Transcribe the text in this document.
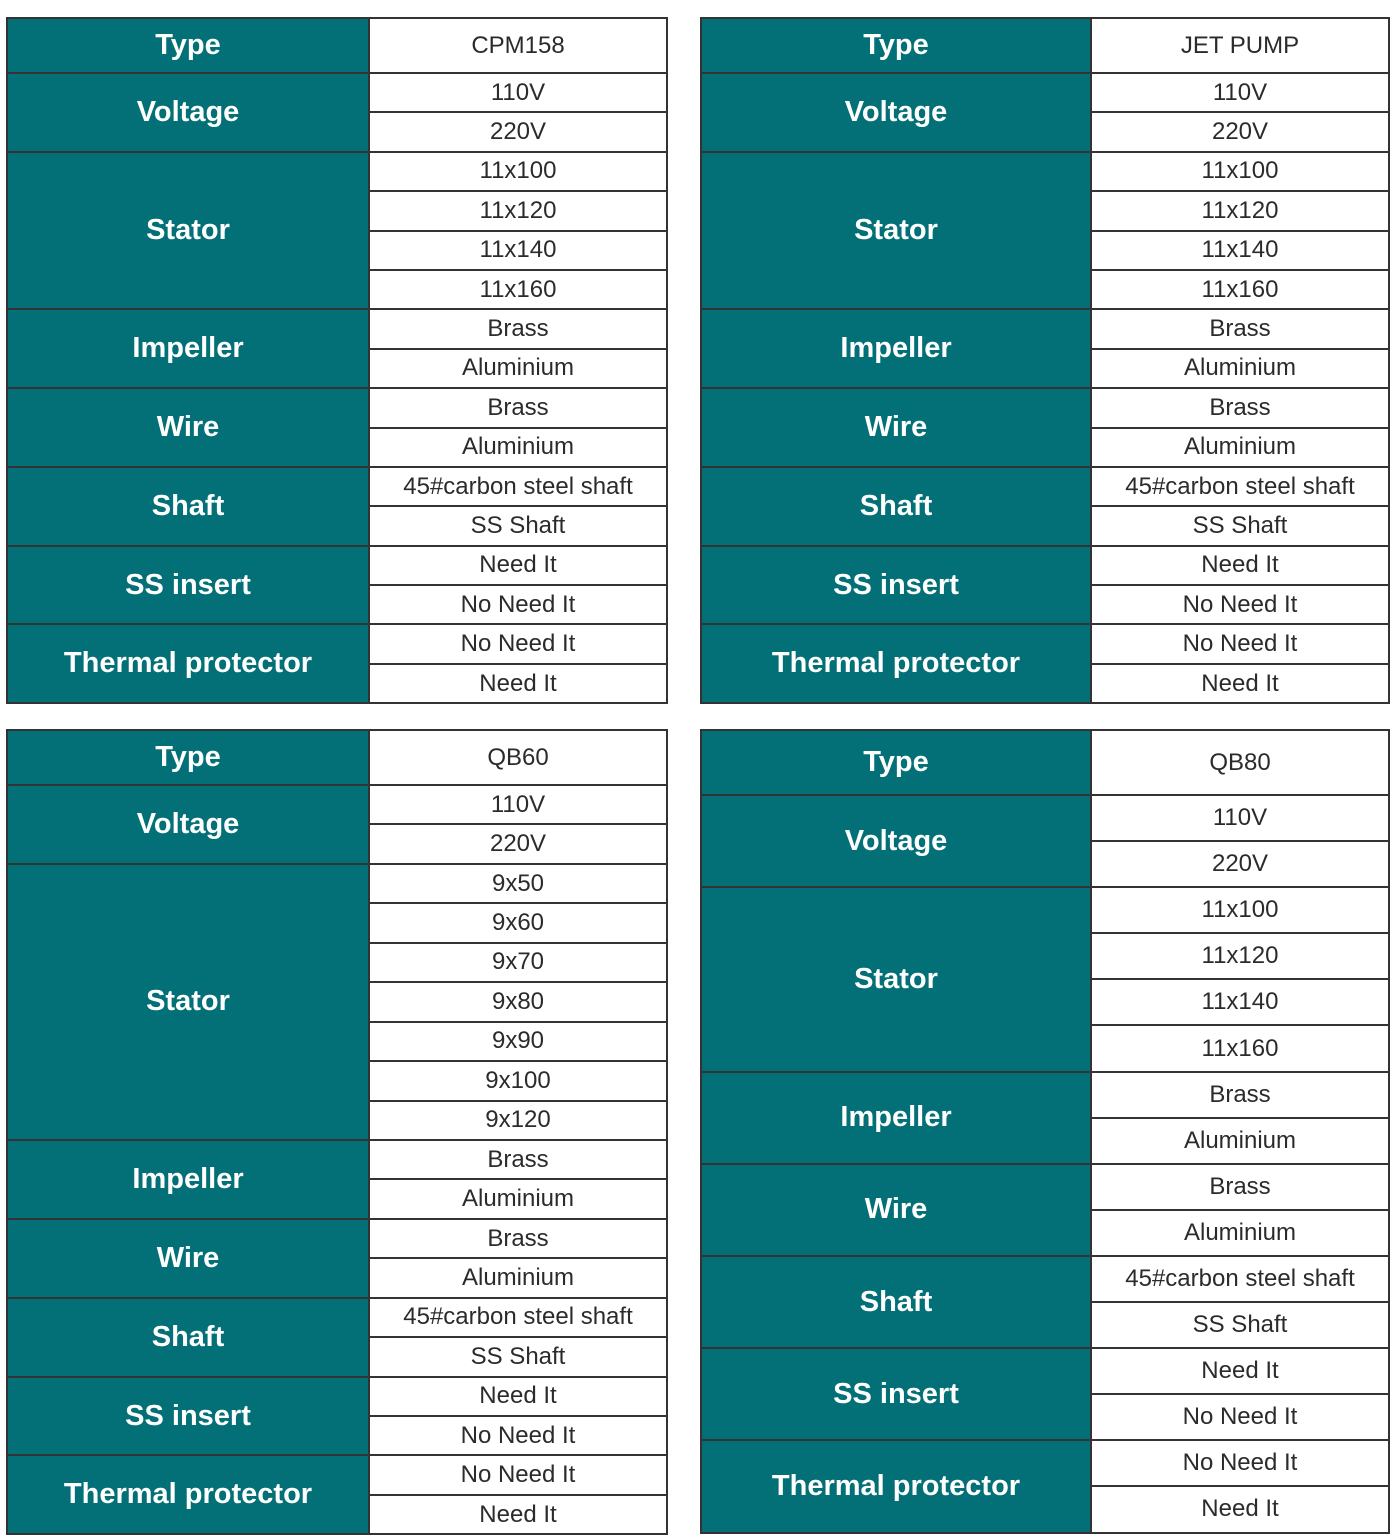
Type	CPM158
Voltage	110V
	220V
Stator	11x100
	11x120
	11x140
	11x160
Impeller	Brass
	Aluminium
Wire	Brass
	Aluminium
Shaft	45#carbon steel shaft
	SS Shaft
SS insert	Need It
	No Need It
Thermal protector	No Need It
	Need It
Type	JET PUMP
Voltage	110V
	220V
Stator	11x100
	11x120
	11x140
	11x160
Impeller	Brass
	Aluminium
Wire	Brass
	Aluminium
Shaft	45#carbon steel shaft
	SS Shaft
SS insert	Need It
	No Need It
Thermal protector	No Need It
	Need It
Type	QB60
Voltage	110V
	220V
Stator	9x50
	9x60
	9x70
	9x80
	9x90
	9x100
	9x120
Impeller	Brass
	Aluminium
Wire	Brass
	Aluminium
Shaft	45#carbon steel shaft
	SS Shaft
SS insert	Need It
	No Need It
Thermal protector	No Need It
	Need It
Type	QB80
Voltage	110V
	220V
Stator	11x100
	11x120
	11x140
	11x160
Impeller	Brass
	Aluminium
Wire	Brass
	Aluminium
Shaft	45#carbon steel shaft
	SS Shaft
SS insert	Need It
	No Need It
Thermal protector	No Need It
	Need It
